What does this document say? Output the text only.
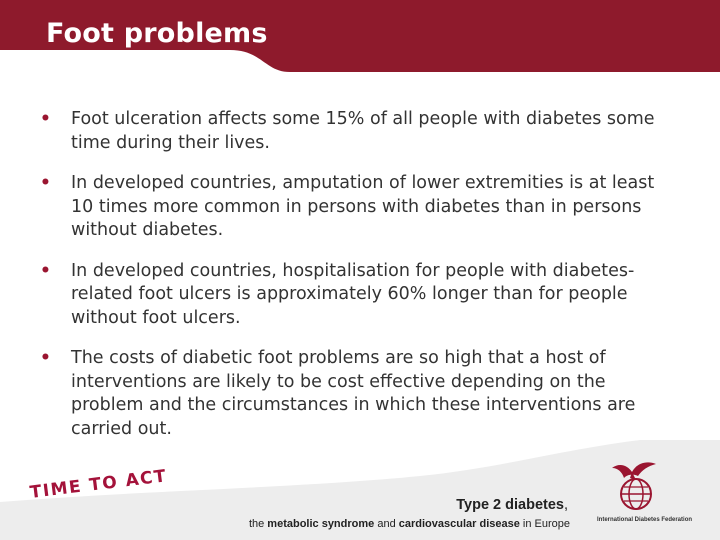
Foot problems
• Foot ulceration affects some 15% of all people with diabetes some time during their lives.
• In developed countries, amputation of lower extremities is at least 10 times more common in persons with diabetes than in persons without diabetes.
• In developed countries, hospitalisation for people with diabetes-related foot ulcers is approximately 60% longer than for people without foot ulcers.
• The costs of diabetic foot problems are so high that a host of interventions are likely to be cost effective depending on the problem and the circumstances in which these interventions are carried out.
TIME TO ACT
Type 2 diabetes,
the metabolic syndrome and cardiovascular disease in Europe	International Diabetes Federation
